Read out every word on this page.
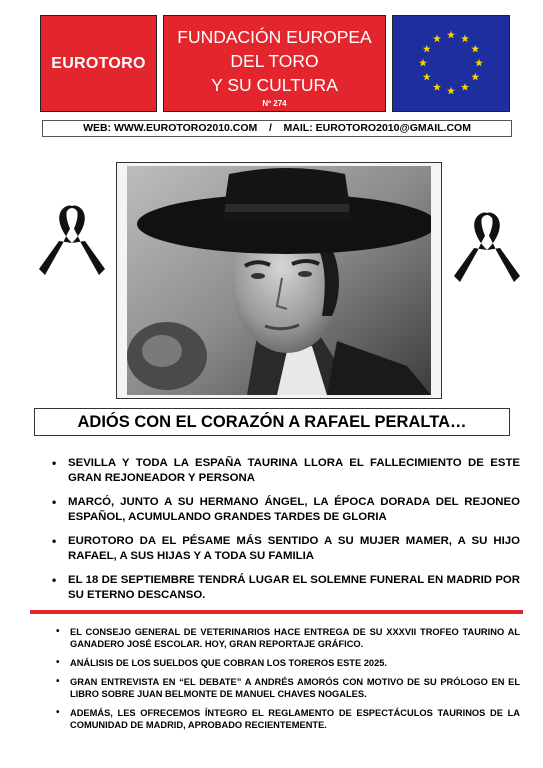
EUROTORO
FUNDACIÓN EUROPEA
DEL TORO
Y SU CULTURA
Nº 274
WEB: WWW.EUROTORO2010.COM    /    MAIL: EUROTORO2010@GMAIL.COM
ADIÓS CON EL CORAZÓN A RAFAEL PERALTA…
• SEVILLA Y TODA LA ESPAÑA TAURINA LLORA EL FALLECIMIENTO DE ESTE GRAN REJONEADOR Y PERSONA
• MARCÓ, JUNTO A SU HERMANO ÁNGEL, LA ÉPOCA DORADA DEL REJONEO ESPAÑOL, ACUMULANDO GRANDES TARDES DE GLORIA
• EUROTORO DA EL PÉSAME MÁS SENTIDO A SU MUJER MAMER, A SU HIJO RAFAEL, A SUS HIJAS Y A TODA SU FAMILIA
• EL 18 DE SEPTIEMBRE TENDRÁ LUGAR EL SOLEMNE FUNERAL EN MADRID POR SU ETERNO DESCANSO.
• EL CONSEJO GENERAL DE VETERINARIOS HACE ENTREGA DE SU XXXVII TROFEO TAURINO AL GANADERO JOSÉ ESCOLAR. HOY, GRAN REPORTAJE GRÁFICO.
• ANÁLISIS DE LOS SUELDOS QUE COBRAN LOS TOREROS ESTE 2025.
• GRAN ENTREVISTA EN “EL DEBATE” A ANDRÉS AMORÓS CON MOTIVO DE SU PRÓLOGO EN EL LIBRO SOBRE JUAN BELMONTE DE MANUEL CHAVES NOGALES.
• ADEMÁS, LES OFRECEMOS ÍNTEGRO EL REGLAMENTO DE ESPECTÁCULOS TAURINOS DE LA COMUNIDAD DE MADRID, APROBADO RECIENTEMENTE.
